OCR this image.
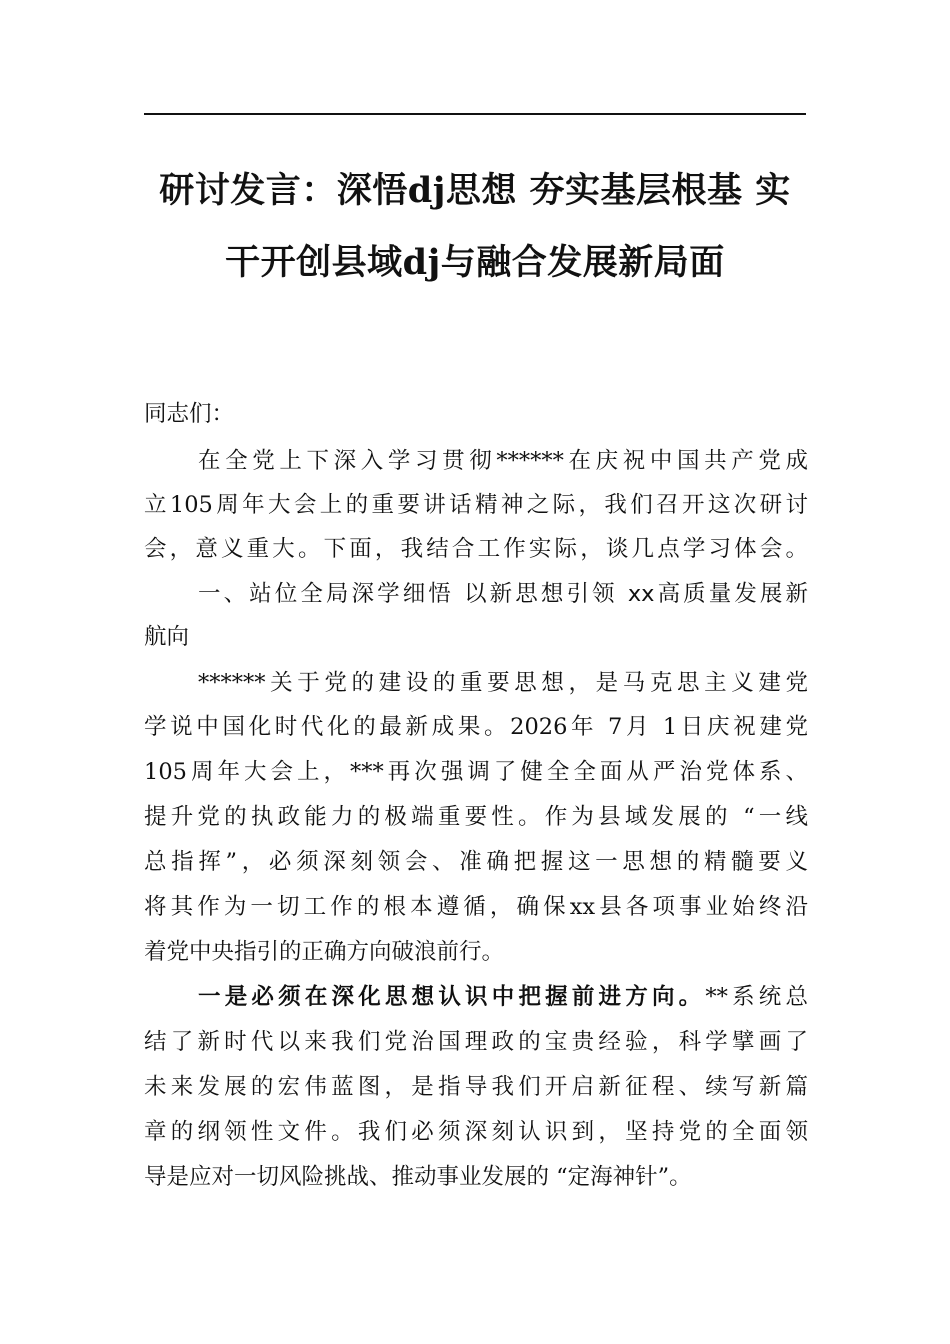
研讨发言：深悟dj思想 夯实基层根基 实
干开创县域dj与融合发展新局面
同志们：
在全党上下深入学习贯彻******在庆祝中国共产党成
立105周年大会上的重要讲话精神之际，我们召开这次研讨
会，意义重大。下面，我结合工作实际，谈几点学习体会。
一、站位全局深学细悟 以新思想引领 xx高质量发展新
航向
******关于党的建设的重要思想，是马克思主义建党
学说中国化时代化的最新成果。2026年 7月 1日庆祝建党
105周年大会上，***再次强调了健全全面从严治党体系、
提升党的执政能力的极端重要性。作为县域发展的 “一线
总指挥”，必须深刻领会、准确把握这一思想的精髓要义
将其作为一切工作的根本遵循，确保xx县各项事业始终沿
着党中央指引的正确方向破浪前行。
一是必须在深化思想认识中把握前进方向。**系统总
结了新时代以来我们党治国理政的宝贵经验，科学擘画了
未来发展的宏伟蓝图，是指导我们开启新征程、续写新篇
章的纲领性文件。我们必须深刻认识到，坚持党的全面领
导是应对一切风险挑战、推动事业发展的 “定海神针”。
